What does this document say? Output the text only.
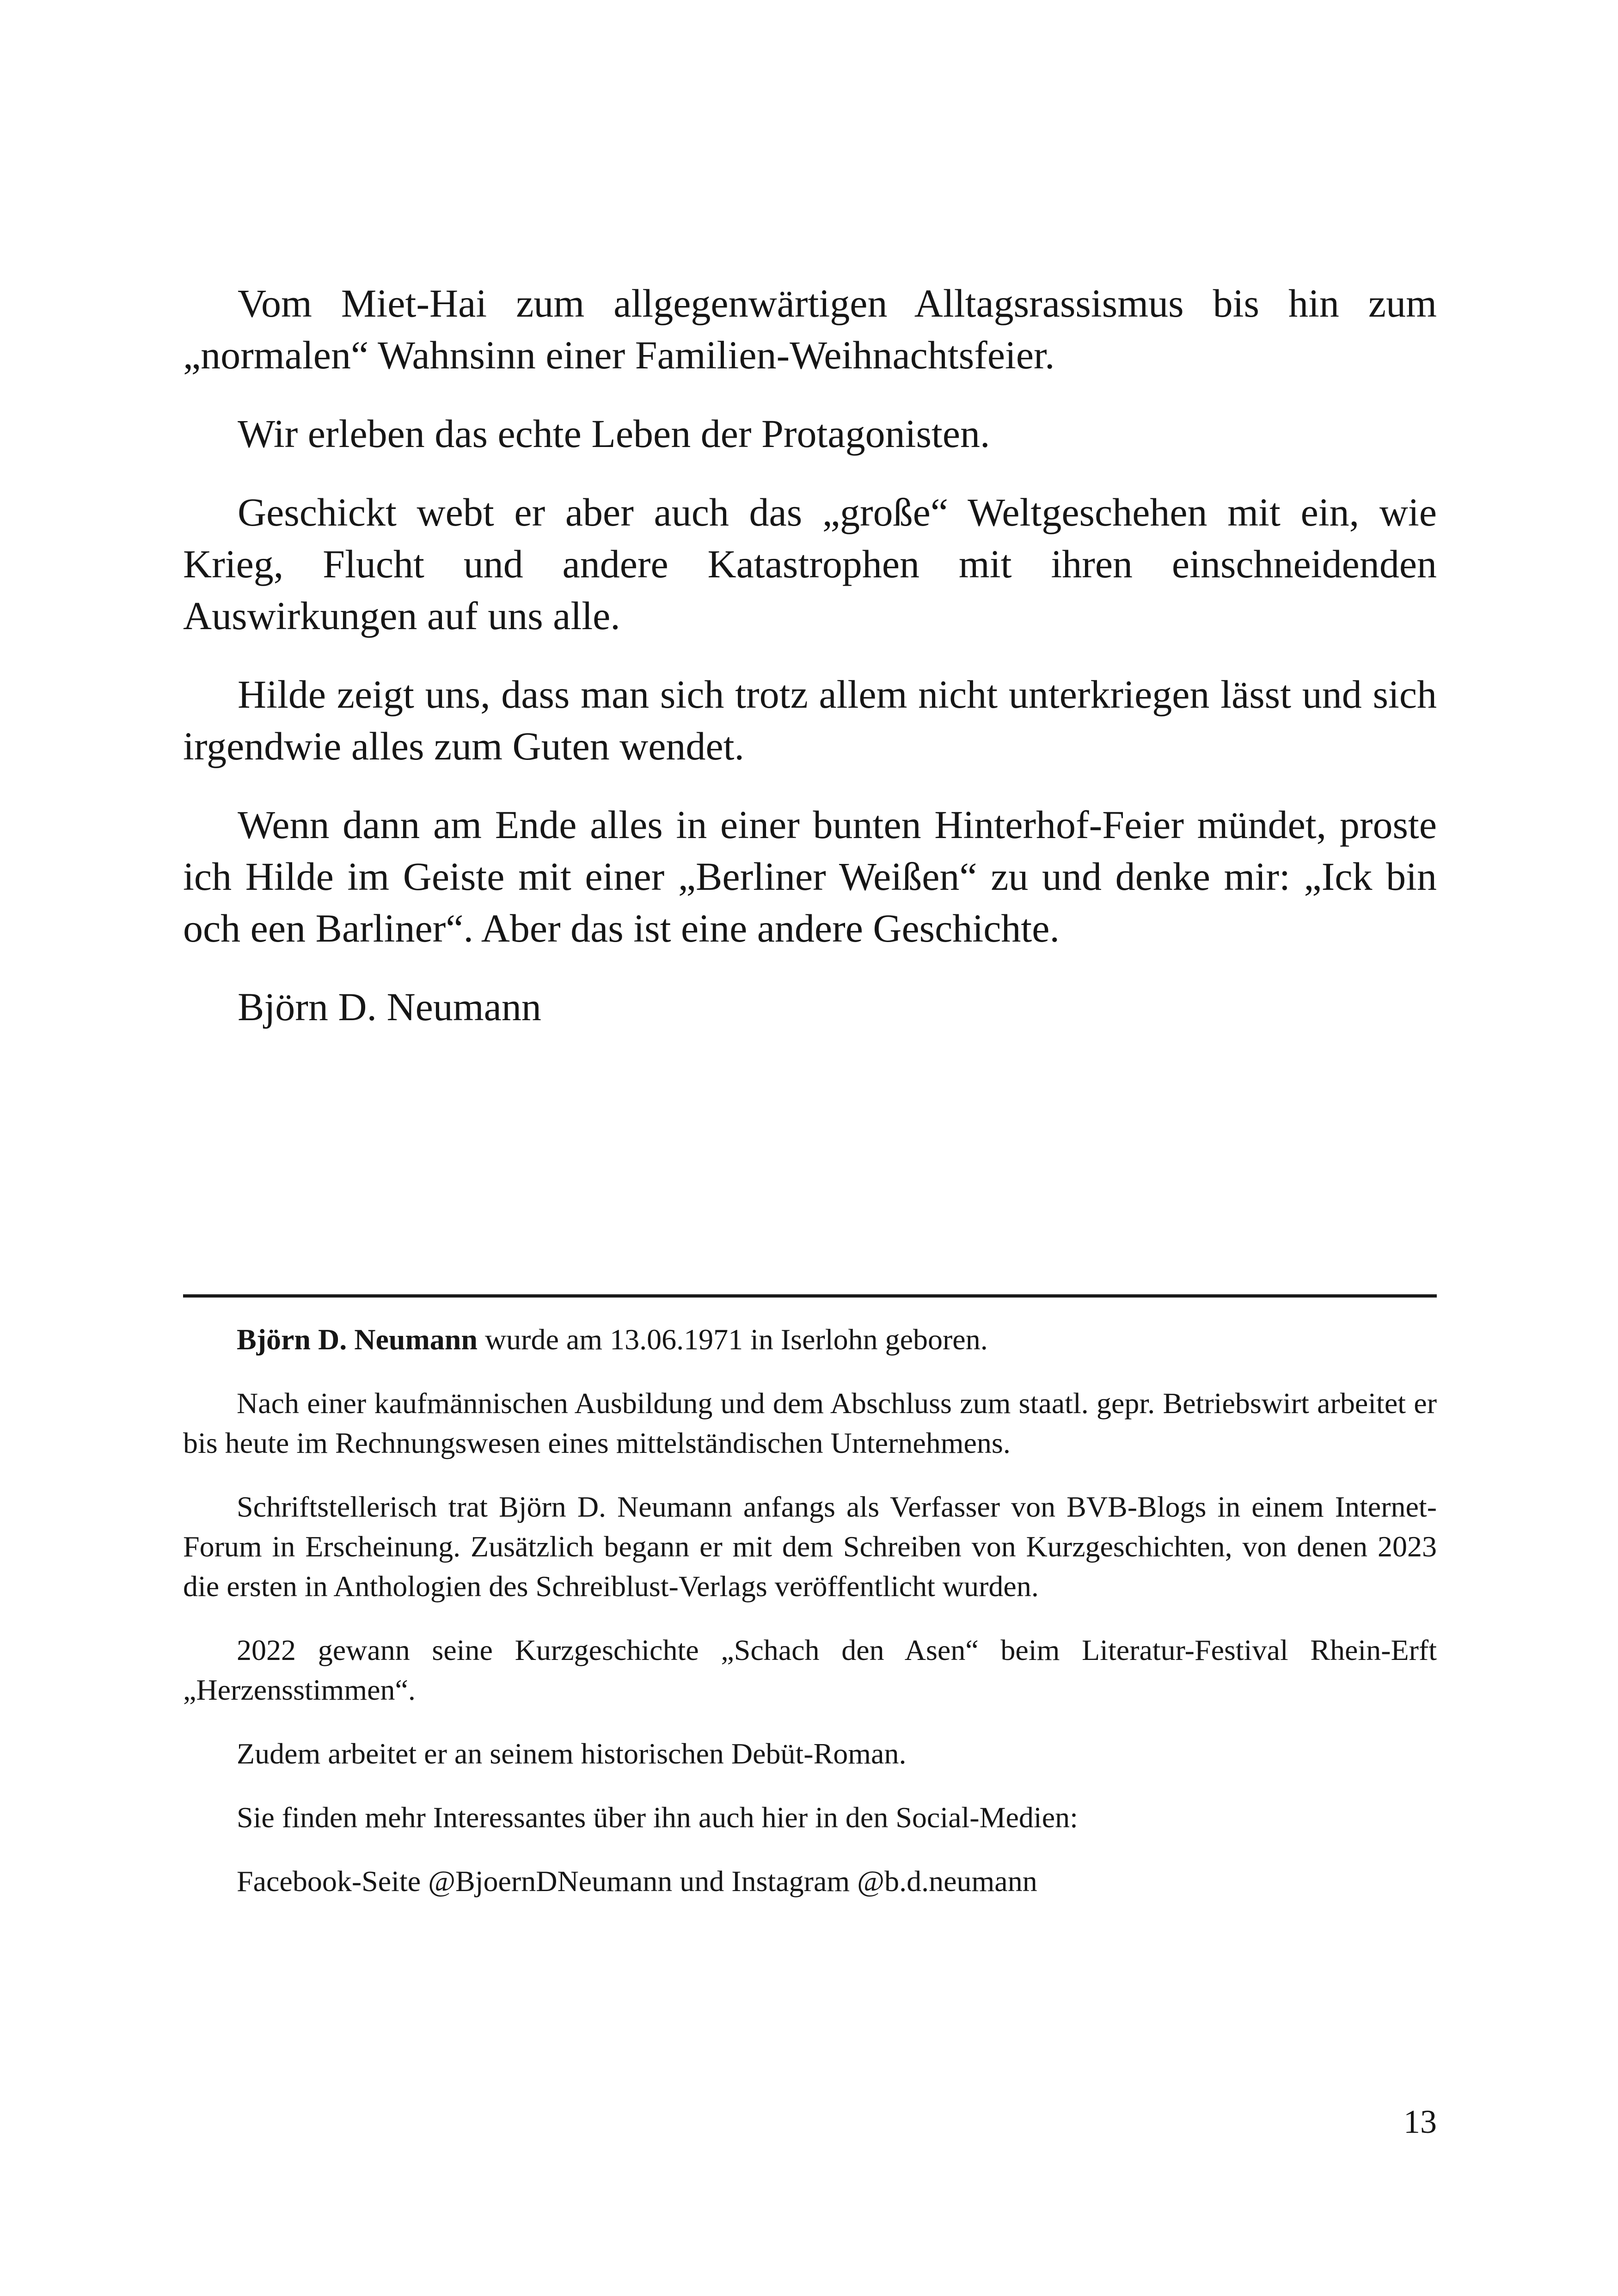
Vom Miet-Hai zum allgegenwärtigen Alltagsrassismus bis hin zum „normalen“ Wahnsinn einer Familien-Weihnachtsfeier.

Wir erleben das echte Leben der Protagonisten.

Geschickt webt er aber auch das „große“ Weltgeschehen mit ein, wie Krieg, Flucht und andere Katastrophen mit ihren einschneidenden Auswirkungen auf uns alle.

Hilde zeigt uns, dass man sich trotz allem nicht unterkriegen lässt und sich irgendwie alles zum Guten wendet.

Wenn dann am Ende alles in einer bunten Hinterhof-Feier mündet, proste ich Hilde im Geiste mit einer „Berliner Weißen“ zu und denke mir: „Ick bin och een Barliner“. Aber das ist eine andere Geschichte.

Björn D. Neumann

Björn D. Neumann wurde am 13.06.1971 in Iserlohn geboren.

Nach einer kaufmännischen Ausbildung und dem Abschluss zum staatl. gepr. Betriebswirt arbeitet er bis heute im Rechnungswesen eines mittelständischen Unternehmens.

Schriftstellerisch trat Björn D. Neumann anfangs als Verfasser von BVB-Blogs in einem Internet-Forum in Erscheinung. Zusätzlich begann er mit dem Schreiben von Kurzgeschichten, von denen 2023 die ersten in Anthologien des Schreiblust-Verlags veröffentlicht wurden.

2022 gewann seine Kurzgeschichte „Schach den Asen“ beim Literatur-Festival Rhein-Erft „Herzensstimmen“.

Zudem arbeitet er an seinem historischen Debüt-Roman.

Sie finden mehr Interessantes über ihn auch hier in den Social-Medien:

Facebook-Seite @BjoernDNeumann und Instagram @b.d.neumann

13
